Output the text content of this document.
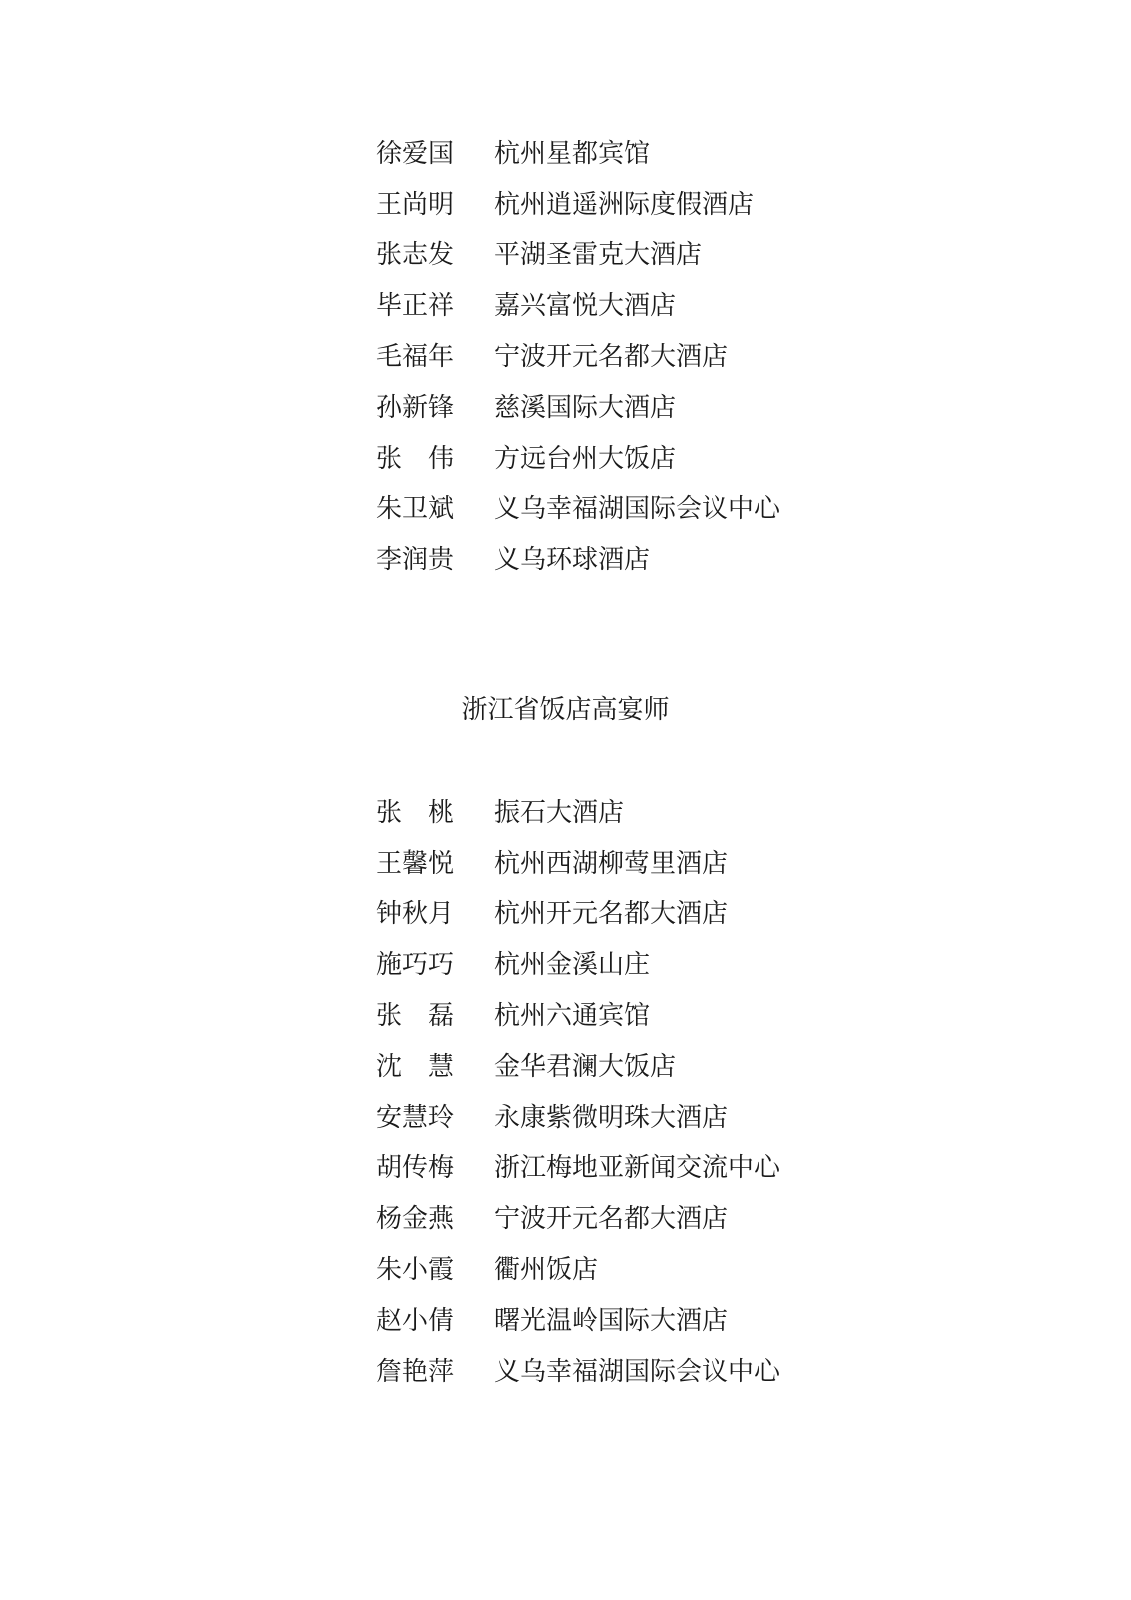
徐爱国	杭州星都宾馆
王尚明	杭州逍遥洲际度假酒店
张志发	平湖圣雷克大酒店
毕正祥	嘉兴富悦大酒店
毛福年	宁波开元名都大酒店
孙新锋	慈溪国际大酒店
张 伟	方远台州大饭店
朱卫斌	义乌幸福湖国际会议中心
李润贵	义乌环球酒店
浙江省饭店高宴师
张 桃	振石大酒店
王馨悦	杭州西湖柳莺里酒店
钟秋月	杭州开元名都大酒店
施巧巧	杭州金溪山庄
张 磊	杭州六通宾馆
沈 慧	金华君澜大饭店
安慧玲	永康紫微明珠大酒店
胡传梅	浙江梅地亚新闻交流中心
杨金燕	宁波开元名都大酒店
朱小霞	衢州饭店
赵小倩	曙光温岭国际大酒店
詹艳萍	义乌幸福湖国际会议中心
